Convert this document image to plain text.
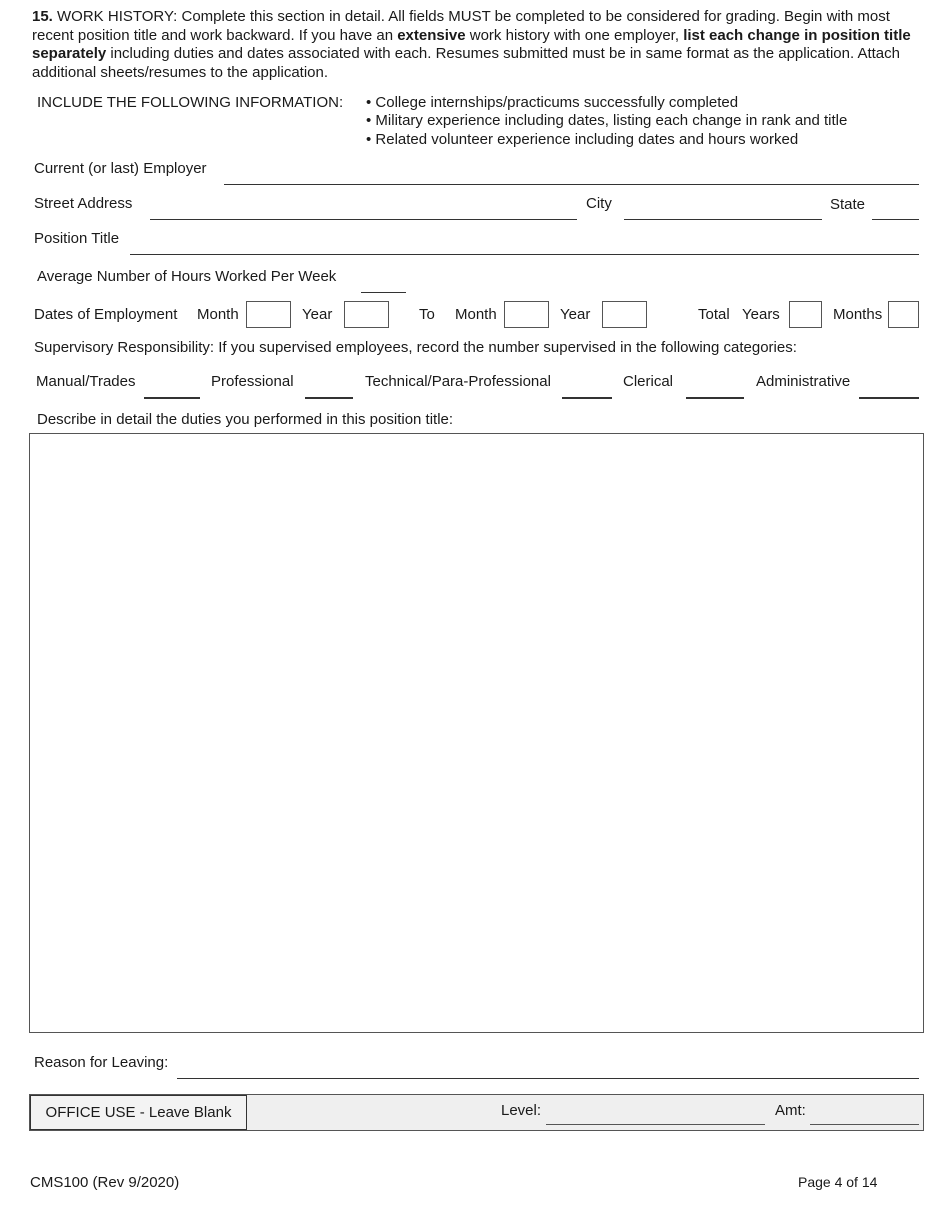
15. WORK HISTORY: Complete this section in detail. All fields MUST be completed to be considered for grading. Begin with most recent position title and work backward. If you have an extensive work history with one employer, list each change in position title separately including duties and dates associated with each. Resumes submitted must be in same format as the application. Attach additional sheets/resumes to the application.
INCLUDE THE FOLLOWING INFORMATION: • College internships/practicums successfully completed
• Military experience including dates, listing each change in rank and title
• Related volunteer experience including dates and hours worked
Current (or last) Employer
Street Address	City	State
Position Title
Average Number of Hours Worked Per Week
Dates of Employment Month	Year	To Month	Year	Total Years	Months
Supervisory Responsibility: If you supervised employees, record the number supervised in the following categories:
Manual/Trades	Professional	Technical/Para-Professional	Clerical	Administrative
Describe in detail the duties you performed in this position title:
Reason for Leaving:
OFFICE USE - Leave Blank	Level:	Amt:
CMS100 (Rev 9/2020)	Page 4 of 14
